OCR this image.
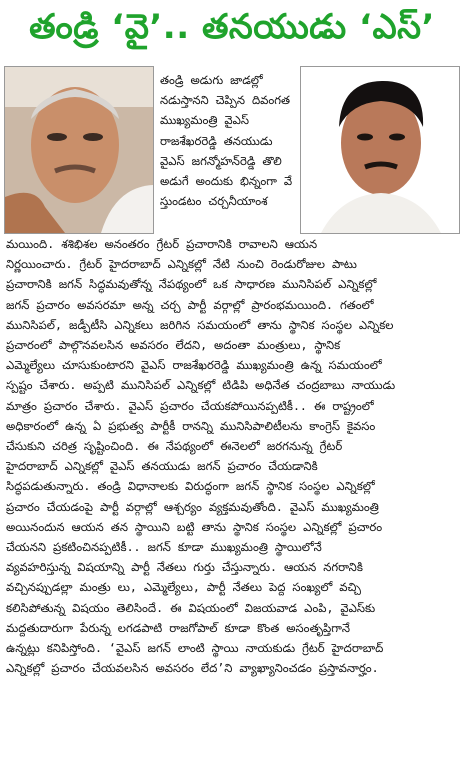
తండ్రి ‘వై’.. తనయుడు ‘ఎస్’
తండ్రి అడుగు జాడల్లో
నడుస్తానని చెప్పిన దివంగత
ముఖ్యమంత్రి వైఎస్
రాజశేఖరరెడ్డి తనయుడు
వైఎస్ జగన్మోహన్‌రెడ్డి తొలి
అడుగే అందుకు భిన్నంగా వే
స్తుండటం చర్చనీయాంశ
మయింది. శశిభిశల అనంతరం గ్రేటర్ ప్రచారానికి రావాలని ఆయన
నిర్ణయించారు. గ్రేటర్ హైదరాబాద్ ఎన్నికల్లో నేటి నుంచి రెండురోజుల పాటు
ప్రచారానికి జగన్ సిద్ధమవుతోన్న నేపథ్యంలో ఒక సాధారణ మునిసిపల్ ఎన్నికల్లో
జగన్ ప్రచారం అవసరమా అన్న చర్చ పార్టీ వర్గాల్లో ప్రారంభమయింది. గతంలో
మునిసిపల్, జడ్పీటీసి ఎన్నికలు జరిగిన సమయంలో తాను స్థానిక సంస్థల ఎన్నికల
ప్రచారంలో పాల్గొనవలసిన అవసరం లేదని, అదంతా మంత్రులు, స్థానిక
ఎమ్మెల్యేలు చూసుకుంటారని వైఎస్ రాజశేఖరరెడ్డి ముఖ్యమంత్రి ఉన్న సమయంలో
స్పష్టం చేశారు. అప్పటి మునిసిపల్ ఎన్నికల్లో టిడిపి అధినేత చంద్రబాబు నాయుడు
మాత్రం ప్రచారం చేశారు. వైఎస్ ప్రచారం చేయకపోయినప్పటికీ.. ఈ రాష్ట్రంలో
అధికారంలో ఉన్న ఏ ప్రభుత్వ పార్టీకీ రానన్ని మునిసిపాలిటీలను కాంగ్రెస్ కైవసం
చేసుకుని చరిత్ర సృష్టించింది. ఈ నేపథ్యంలో ఈనెలలో జరగనున్న గ్రేటర్
హైదరాబాద్ ఎన్నికల్లో వైఎస్ తనయుడు జగన్ ప్రచారం చేయడానికి
సిద్ధపడుతున్నారు. తండ్రి విధానాలకు విరుద్ధంగా జగన్ స్థానిక సంస్థల ఎన్నికల్లో
ప్రచారం చేయడంపై పార్టీ వర్గాల్లో ఆశ్చర్యం వ్యక్తమవుతోంది. వైఎస్ ముఖ్యమంత్రి
అయినందున ఆయన తన స్థాయిని బట్టి తాను స్థానిక సంస్థల ఎన్నికల్లో ప్రచారం
చేయనని ప్రకటించినప్పటికీ.. జగన్ కూడా ముఖ్యమంత్రి స్థాయిలోనే
వ్యవహరిస్తున్న విషయాన్ని పార్టీ నేతలు గుర్తు చేస్తున్నారు. ఆయన నగరానికి
వచ్చినప్పుడల్లా మంత్రు లు, ఎమ్మెల్యేలు, పార్టీ నేతలు పెద్ద సంఖ్యలో వచ్చి
కలిసిపోతున్న విషయం తెలిసిందే. ఈ విషయంలో విజయవాడ ఎంపి, వైఎస్‌కు
మద్దతుదారుగా పేరున్న లగడపాటి రాజగోపాల్ కూడా కొంత అసంతృప్తిగానే
ఉన్నట్లు కనిపిస్తోంది. ‘వైఎస్ జగన్ లాంటి స్థాయి నాయకుడు గ్రేటర్ హైదరాబాద్
ఎన్నికల్లో ప్రచారం చేయవలసిన అవసరం లేద’ని వ్యాఖ్యానించడం ప్రస్తావనార్హం.
